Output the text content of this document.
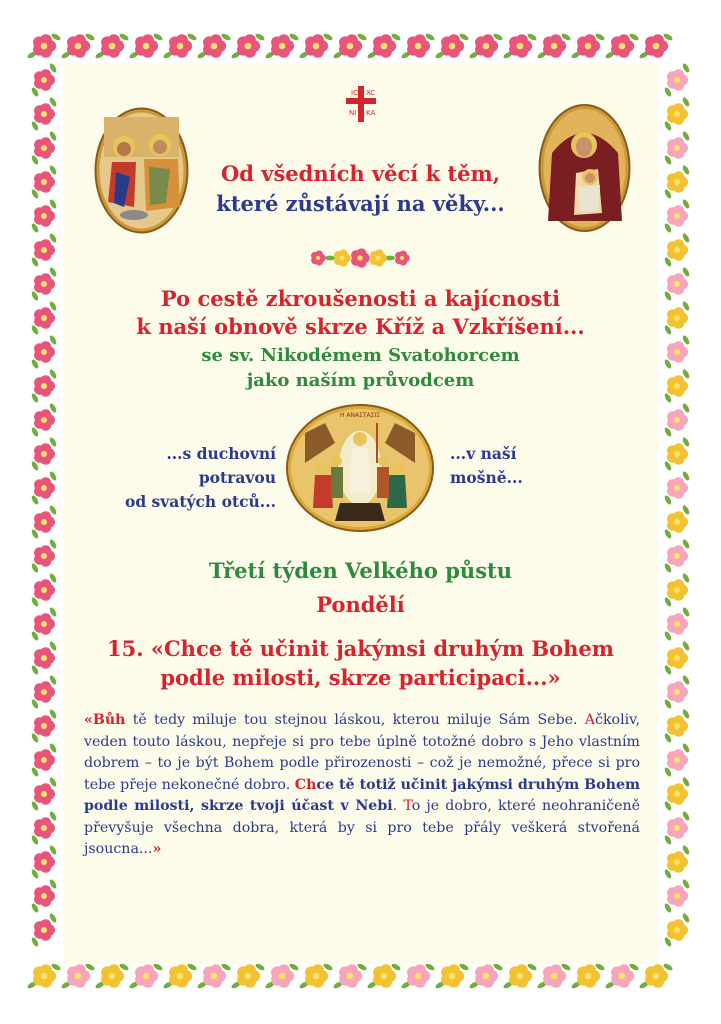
IC XC
NI KA
Od všedních věcí k těm,
které zůstávají na věky...
Po cestě zkroušenosti a kajícnosti
k naší obnově skrze Kříž a Vzkříšení...
se sv. Nikodémem Svatohorcem
jako naším průvodcem
Η ΑΝΑΣΤΑΣΙΣ
...s duchovní
potravou
od svatých otců...
...v naší
mošně...
Třetí týden Velkého půstu
Pondělí
15. «Chce tě učinit jakýmsi druhým Bohem
podle milosti, skrze participaci...»
«Bůh tě tedy miluje tou stejnou láskou, kterou miluje Sám Sebe. Ačkoliv, veden touto láskou, nepřeje si pro tebe úplně totožné dobro s Jeho vlastním dobrem – to je být Bohem podle přirozenosti – což je nemožné, přece si pro tebe přeje nekonečné dobro. Chce tě totiž učinit jakýmsi druhým Bohem podle milosti, skrze tvoji účast v Nebi. To je dobro, které neohraničeně převyšuje všechna dobra, která by si pro tebe přály veškerá stvořená jsoucna...»
